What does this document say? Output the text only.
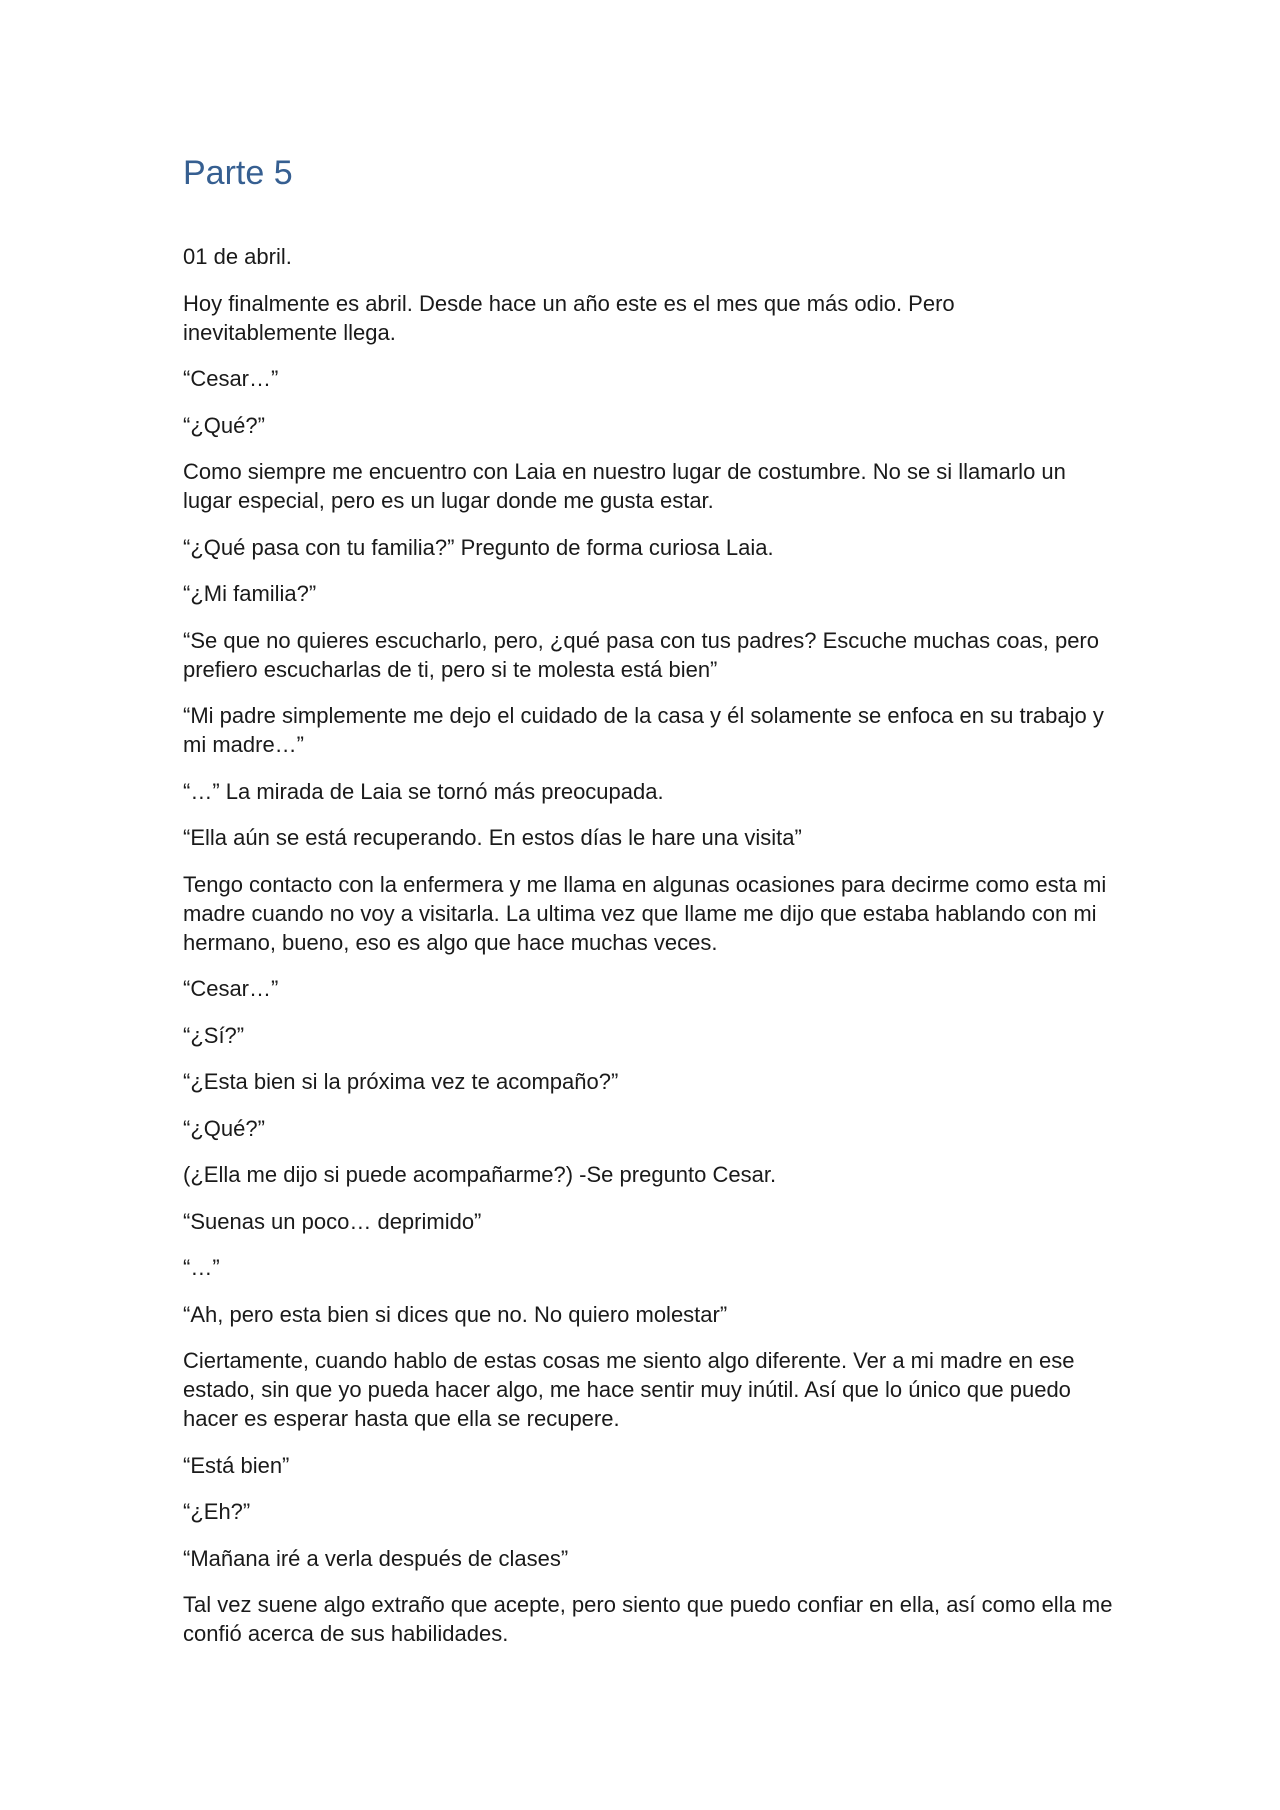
Parte 5

01 de abril.

Hoy finalmente es abril. Desde hace un año este es el mes que más odio. Pero inevitablemente llega.

“Cesar…”

“¿Qué?”

Como siempre me encuentro con Laia en nuestro lugar de costumbre. No se si llamarlo un lugar especial, pero es un lugar donde me gusta estar.

“¿Qué pasa con tu familia?” Pregunto de forma curiosa Laia.

“¿Mi familia?”

“Se que no quieres escucharlo, pero, ¿qué pasa con tus padres? Escuche muchas coas, pero prefiero escucharlas de ti, pero si te molesta está bien”

“Mi padre simplemente me dejo el cuidado de la casa y él solamente se enfoca en su trabajo y mi madre…”

“…” La mirada de Laia se tornó más preocupada.

“Ella aún se está recuperando. En estos días le hare una visita”

Tengo contacto con la enfermera y me llama en algunas ocasiones para decirme como esta mi madre cuando no voy a visitarla. La ultima vez que llame me dijo que estaba hablando con mi hermano, bueno, eso es algo que hace muchas veces.

“Cesar…”

“¿Sí?”

“¿Esta bien si la próxima vez te acompaño?”

“¿Qué?”

(¿Ella me dijo si puede acompañarme?) -Se pregunto Cesar.

“Suenas un poco… deprimido”

“…”

“Ah, pero esta bien si dices que no. No quiero molestar”

Ciertamente, cuando hablo de estas cosas me siento algo diferente. Ver a mi madre en ese estado, sin que yo pueda hacer algo, me hace sentir muy inútil. Así que lo único que puedo hacer es esperar hasta que ella se recupere.

“Está bien”

“¿Eh?”

“Mañana iré a verla después de clases”

Tal vez suene algo extraño que acepte, pero siento que puedo confiar en ella, así como ella me confió acerca de sus habilidades.
